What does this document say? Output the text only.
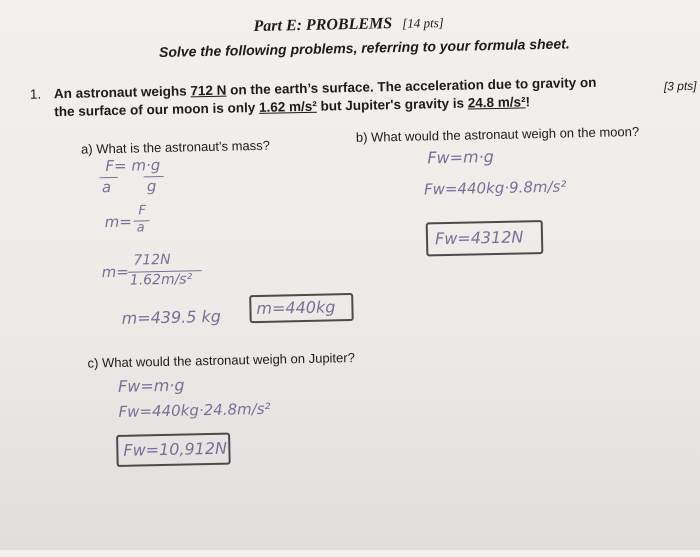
Part E: PROBLEMS [14 pts]
Solve the following problems, referring to your formula sheet.
1. An astronaut weighs 712 N on the earth’s surface. The acceleration due to gravity on
the surface of our moon is only 1.62 m/s² but Jupiter's gravity is 24.8 m/s²!
[3 pts]
a) What is the astronaut's mass?
F= m·g
a g
m=
F
a
m=
712N
1.62m/s²
m=439.5 kg m=440kg
b) What would the astronaut weigh on the moon?
Fw=m·g
Fw=440kg·9.8m/s²
Fw=4312N
c) What would the astronaut weigh on Jupiter?
Fw=m·g
Fw=440kg·24.8m/s²
Fw=10,912N
